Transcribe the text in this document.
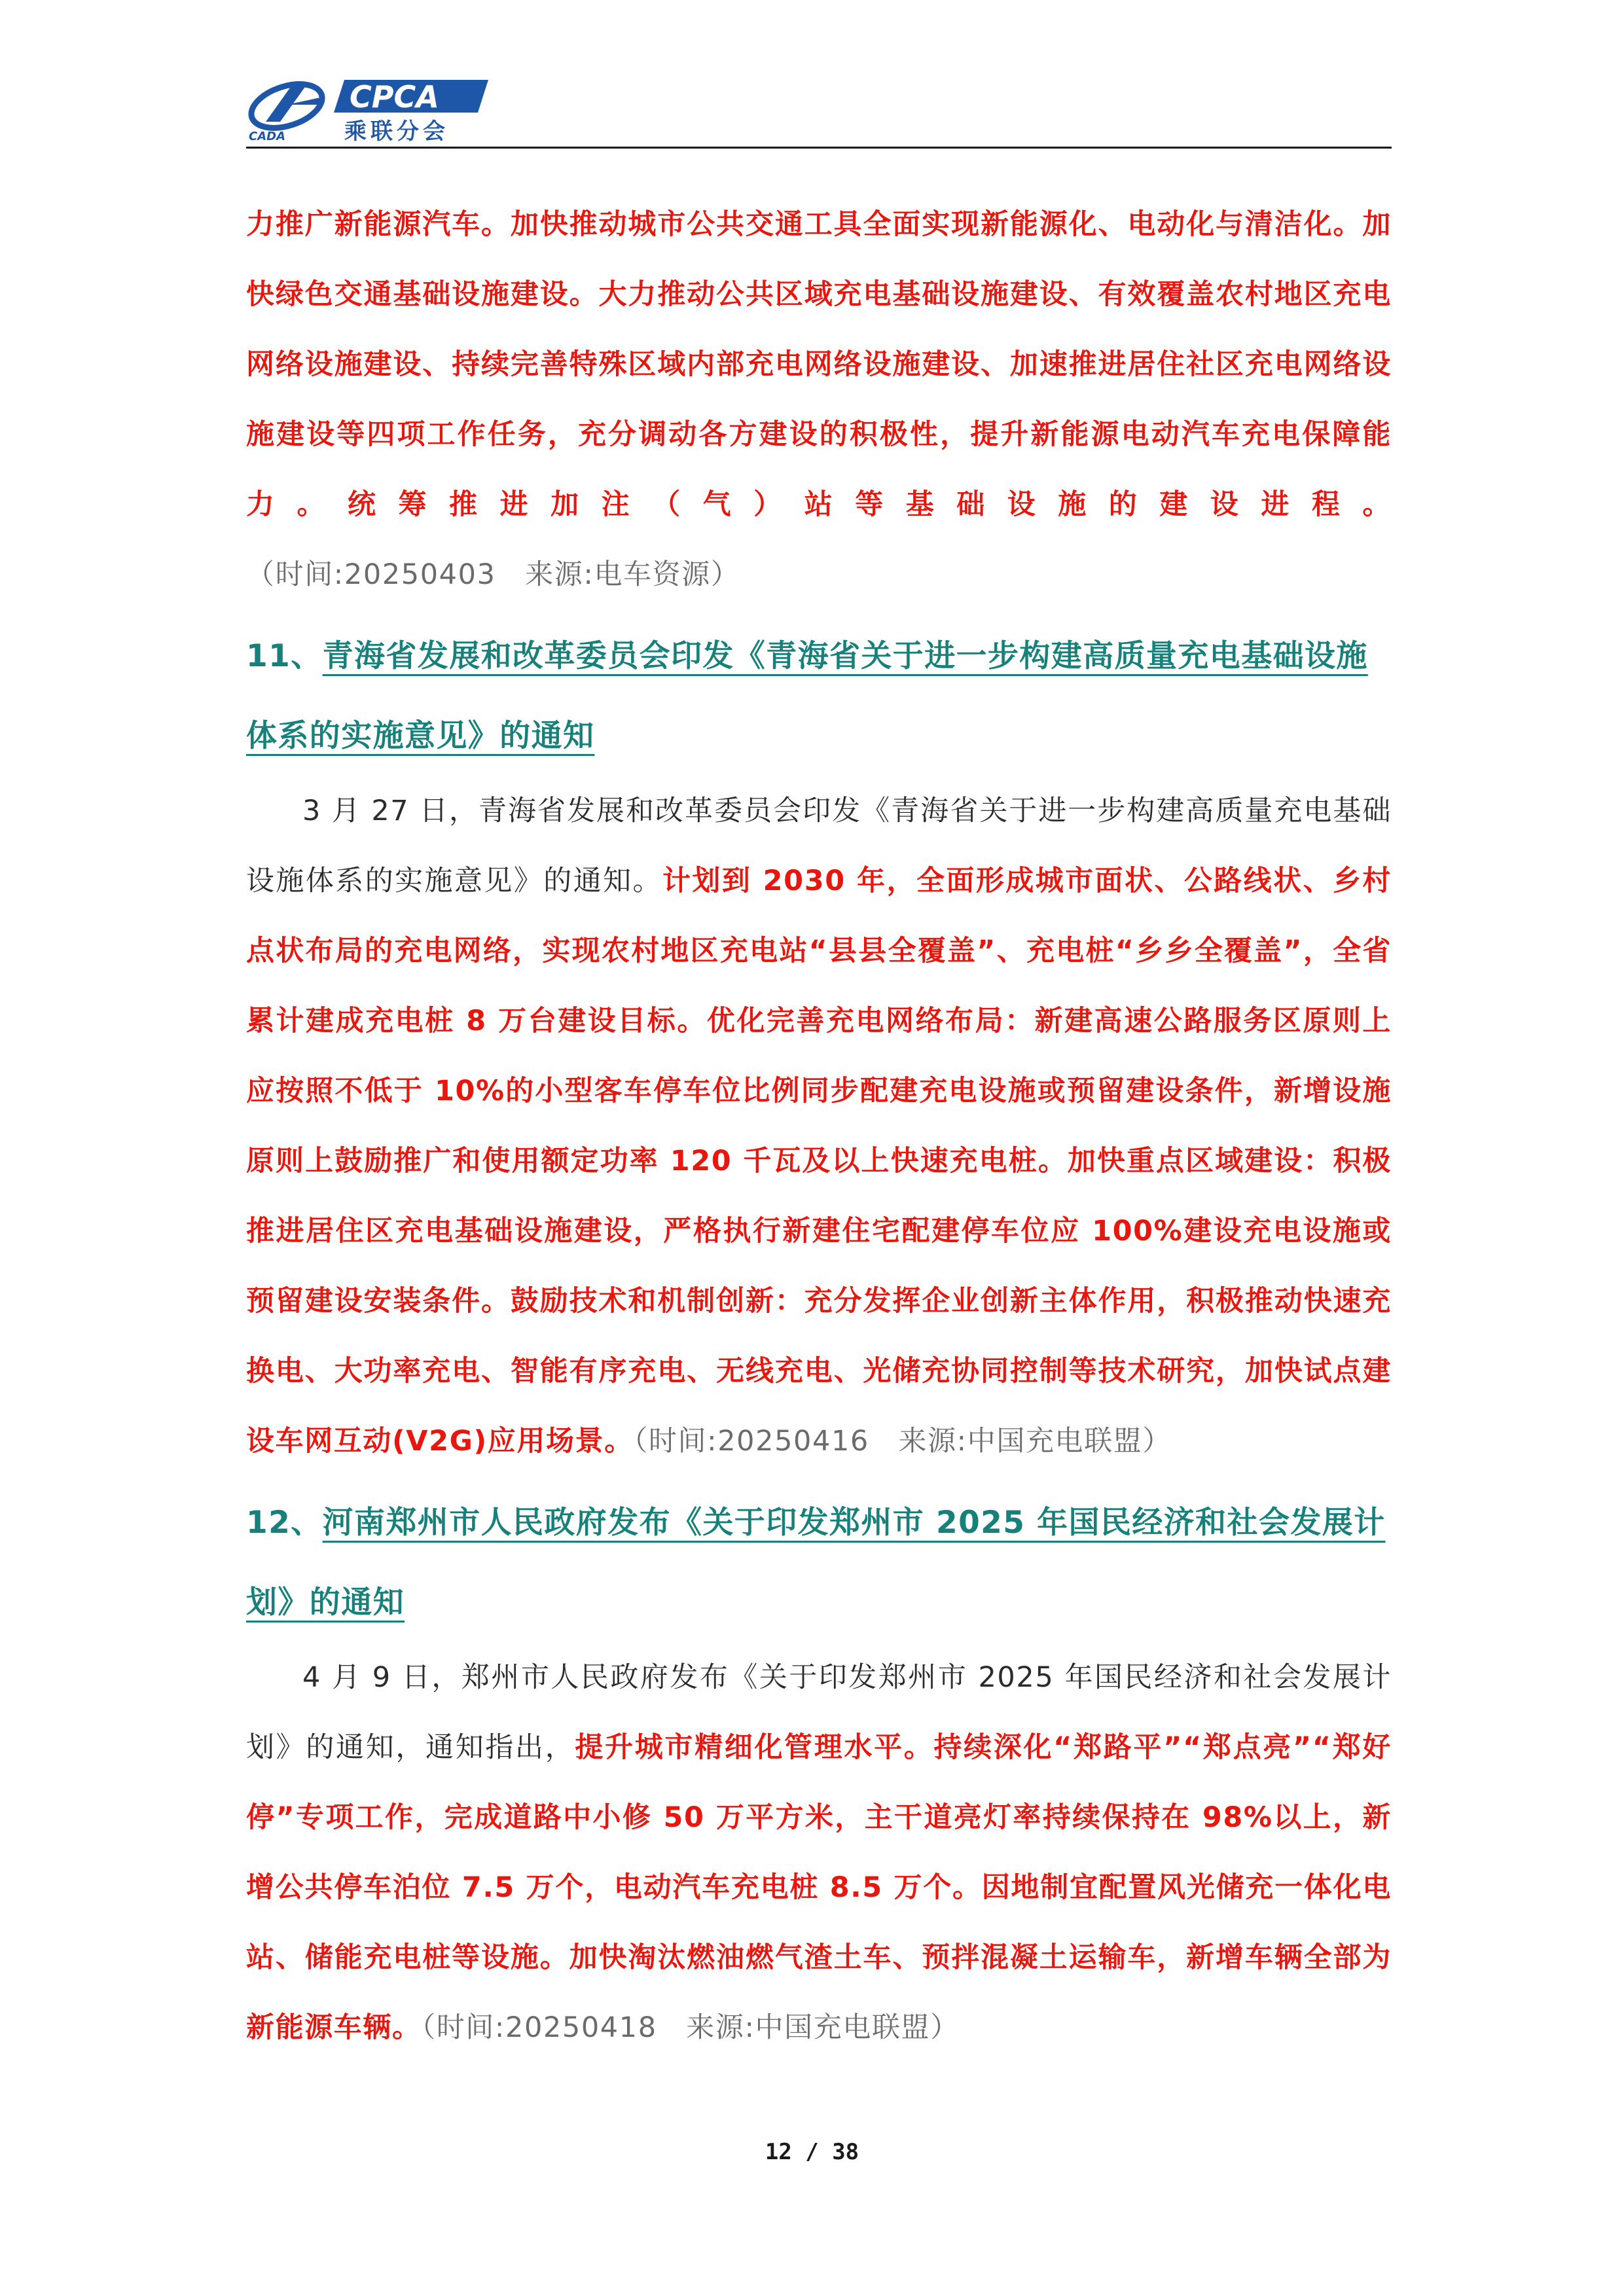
CADA
CPCA
乘联分会

力推广新能源汽车。加快推动城市公共交通工具全面实现新能源化、电动化与清洁化。加快绿色交通基础设施建设。大力推动公共区域充电基础设施建设、有效覆盖农村地区充电网络设施建设、持续完善特殊区域内部充电网络设施建设、加速推进居住社区充电网络设施建设等四项工作任务，充分调动各方建设的积极性，提升新能源电动汽车充电保障能力。统筹推进加注（气）站等基础设施的建设进程。（时间:20250403　来源:电车资源）

11、青海省发展和改革委员会印发《青海省关于进一步构建高质量充电基础设施体系的实施意见》的通知

3 月 27 日，青海省发展和改革委员会印发《青海省关于进一步构建高质量充电基础设施体系的实施意见》的通知。计划到 2030 年，全面形成城市面状、公路线状、乡村点状布局的充电网络，实现农村地区充电站“县县全覆盖”、充电桩“乡乡全覆盖”，全省累计建成充电桩 8 万台建设目标。优化完善充电网络布局：新建高速公路服务区原则上应按照不低于 10%的小型客车停车位比例同步配建充电设施或预留建设条件，新增设施原则上鼓励推广和使用额定功率 120 千瓦及以上快速充电桩。加快重点区域建设：积极推进居住区充电基础设施建设，严格执行新建住宅配建停车位应 100%建设充电设施或预留建设安装条件。鼓励技术和机制创新：充分发挥企业创新主体作用，积极推动快速充换电、大功率充电、智能有序充电、无线充电、光储充协同控制等技术研究，加快试点建设车网互动(V2G)应用场景。（时间:20250416　来源:中国充电联盟）

12、河南郑州市人民政府发布《关于印发郑州市 2025 年国民经济和社会发展计划》的通知

4 月 9 日，郑州市人民政府发布《关于印发郑州市 2025 年国民经济和社会发展计划》的通知，通知指出，提升城市精细化管理水平。持续深化“郑路平”“郑点亮”“郑好停”专项工作，完成道路中小修 50 万平方米，主干道亮灯率持续保持在 98%以上，新增公共停车泊位 7.5 万个，电动汽车充电桩 8.5 万个。因地制宜配置风光储充一体化电站、储能充电桩等设施。加快淘汰燃油燃气渣土车、预拌混凝土运输车，新增车辆全部为新能源车辆。（时间:20250418　来源:中国充电联盟）

12 / 38
